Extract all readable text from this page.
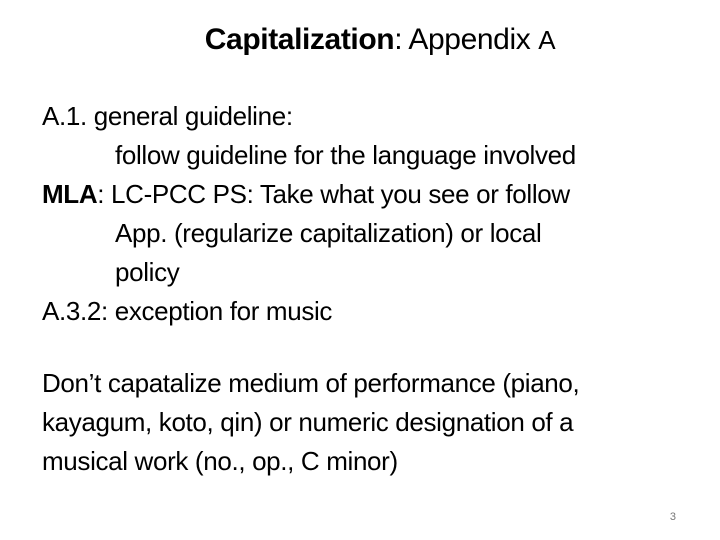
Capitalization: Appendix A
A.1. general guideline:
follow guideline for the language involved
MLA: LC-PCC PS: Take what you see or follow
App. (regularize capitalization) or local
policy
A.3.2: exception for music
Don’t capatalize medium of performance (piano,
kayagum, koto, qin) or numeric designation of a
musical work (no., op., C minor)
3
